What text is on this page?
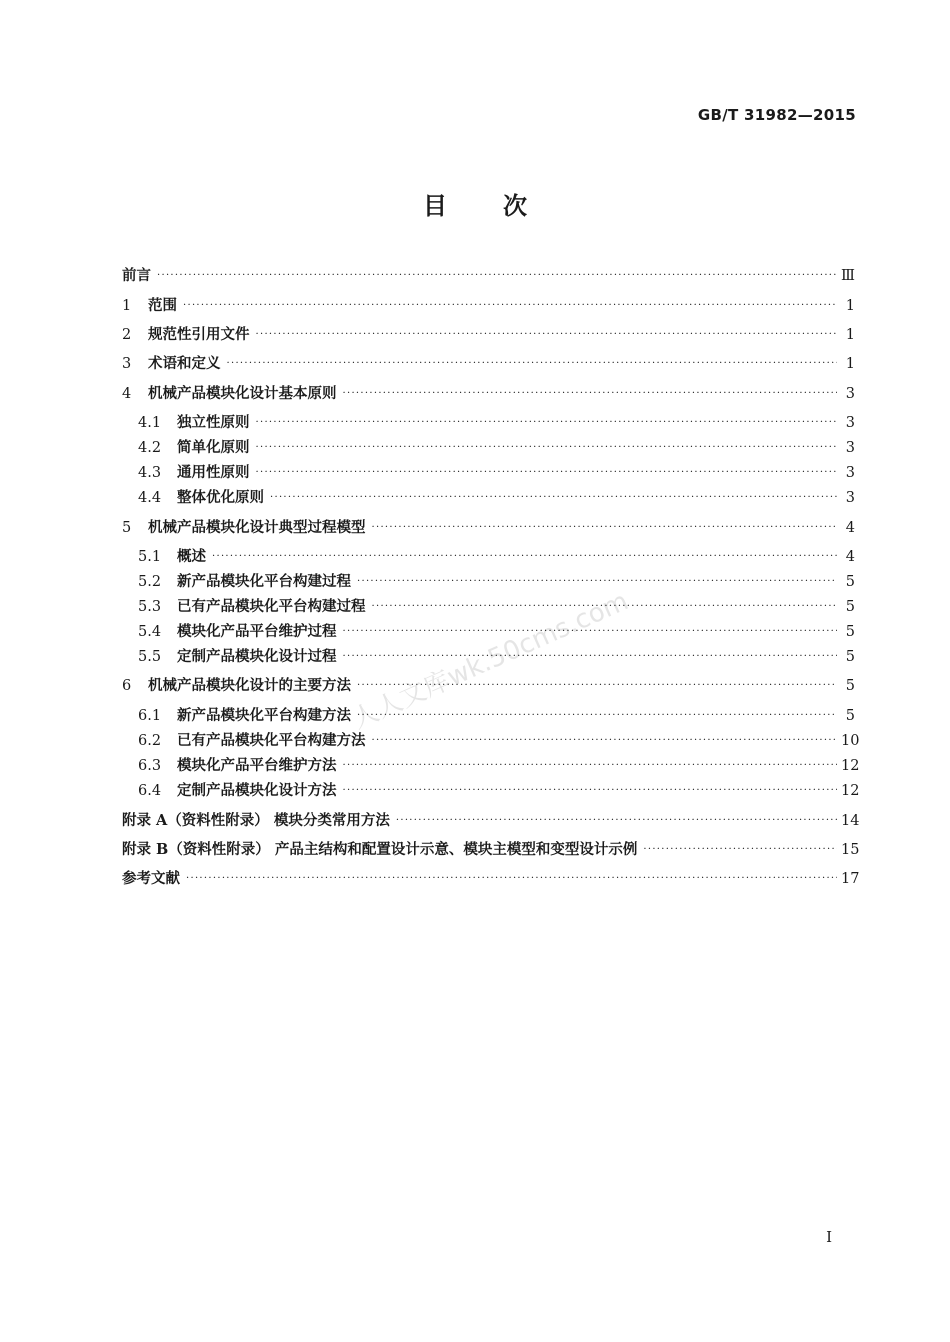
GB/T 31982—2015
目 次
人人文库wk.50cms.com
前言 ·····	Ⅲ
1	范围 ·····	1
2	规范性引用文件 ·····	1
3	术语和定义 ·····	1
4	机械产品模块化设计基本原则 ·····	3
4.1	独立性原则 ·····	3
4.2	简单化原则 ·····	3
4.3	通用性原则 ·····	3
4.4	整体优化原则 ·····	3
5	机械产品模块化设计典型过程模型 ·····	4
5.1	概述 ·····	4
5.2	新产品模块化平台构建过程 ·····	5
5.3	已有产品模块化平台构建过程 ·····	5
5.4	模块化产品平台维护过程 ·····	5
5.5	定制产品模块化设计过程 ·····	5
6	机械产品模块化设计的主要方法 ·····	5
6.1	新产品模块化平台构建方法 ·····	5
6.2	已有产品模块化平台构建方法 ·····	10
6.3	模块化产品平台维护方法 ·····	12
6.4	定制产品模块化设计方法 ·····	12
附录 A（资料性附录） 模块分类常用方法 ·····	14
附录 B（资料性附录） 产品主结构和配置设计示意、模块主模型和变型设计示例 ·····	15
参考文献 ·····	17
I
